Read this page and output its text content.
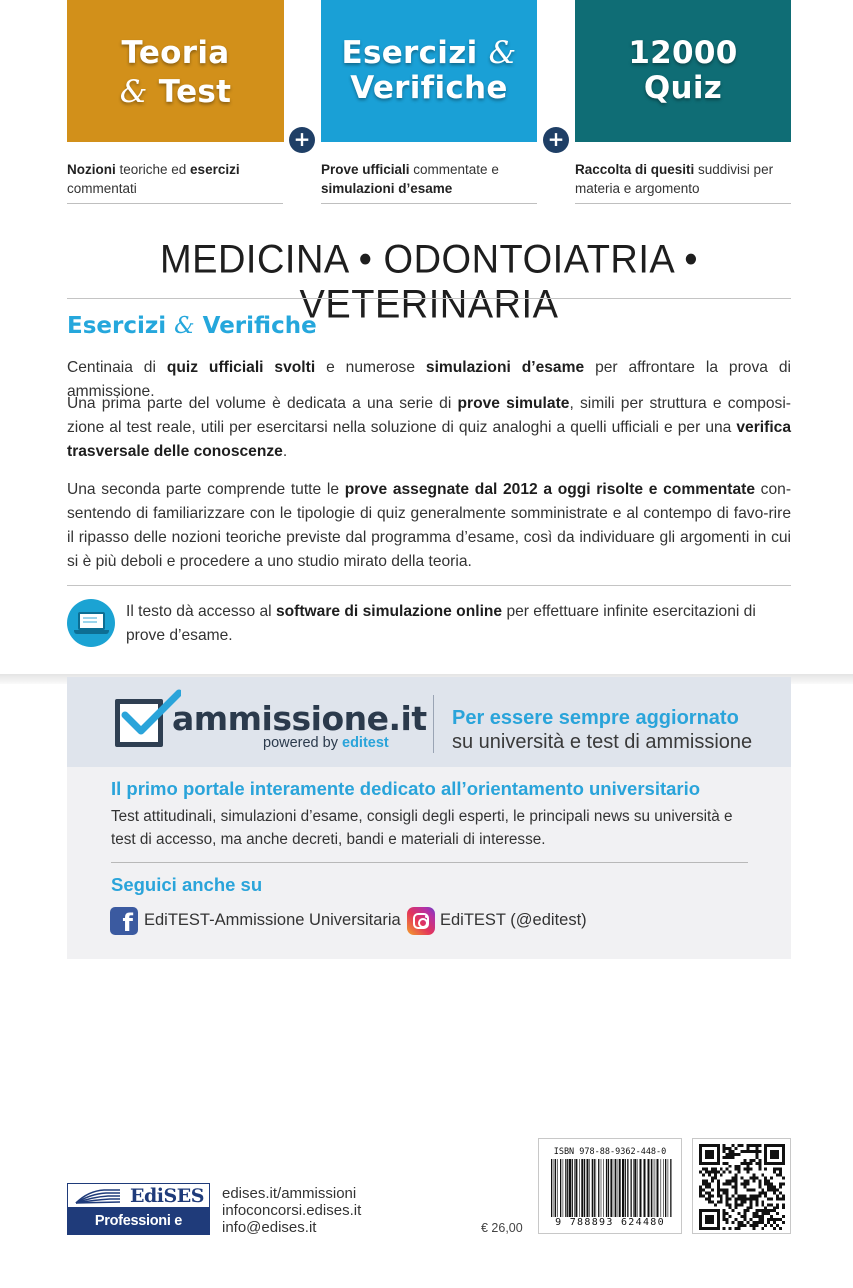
Teoria
& Test
+
Esercizi &
Verifiche
+
12000
Quiz
Nozioni teoriche ed esercizi commentati
Prove ufficiali commentate e simulazioni d’esame
Raccolta di quesiti suddivisi per materia e argomento
MEDICINA • ODONTOIATRIA • VETERINARIA
Esercizi & Verifiche

Centinaia di quiz ufficiali svolti e numerose simulazioni d’esame per affrontare la prova di ammissione.

Una prima parte del volume è dedicata a una serie di prove simulate, simili per struttura e composi-zione al test reale, utili per esercitarsi nella soluzione di quiz analoghi a quelli ufficiali e per una verifica trasversale delle conoscenze.

Una seconda parte comprende tutte le prove assegnate dal 2012 a oggi risolte e commentate con-sentendo di familiarizzare con le tipologie di quiz generalmente somministrate e al contempo di favo-rire il ripasso delle nozioni teoriche previste dal programma d’esame, così da individuare gli argomenti in cui si è più deboli e procedere a uno studio mirato della teoria.

Il testo dà accesso al software di simulazione online per effettuare infinite esercitazioni di prove d’esame.

ammissione.it
powered by editest
Per essere sempre aggiornato
su università e test di ammissione
Il primo portale interamente dedicato all’orientamento universitario
Test attitudinali, simulazioni d’esame, consigli degli esperti, le principali news su università e test di accesso, ma anche decreti, bandi e materiali di interesse.
Seguici anche su
f EdiTEST-Ammissione Universitaria EdiTEST (@editest)
EdiSES
Professioni e Concorsi
edises.it/ammissioni
infoconcorsi.edises.it
info@edises.it	€ 26,00
ISBN 978-88-9362-448-0
9 788893 624480
